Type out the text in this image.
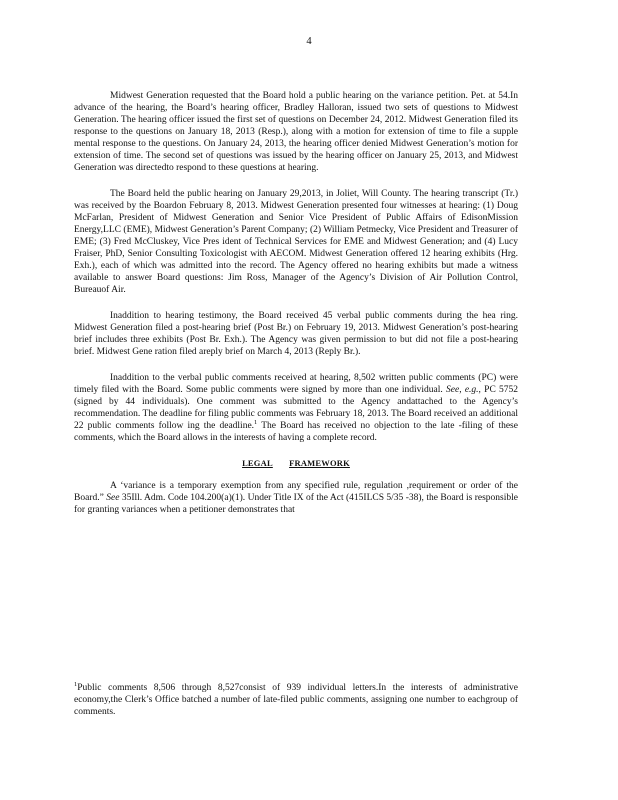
4

Midwest Generation requested that the Board hold a public hearing on the variance petition. Pet. at 54.In advance of the hearing, the Board’s hearing officer, Bradley Halloran, issued two sets of questions to Midwest Generation. The hearing officer issued the first set of questions on December 24, 2012. Midwest Generation filed its response to the questions on January 18, 2013 (Resp.), along with a motion for extension of time to file a supple mental response to the questions. On January 24, 2013, the hearing officer denied Midwest Generation’s motion for extension of time. The second set of questions was issued by the hearing officer on January 25, 2013, and Midwest Generation was directedto respond to these questions at hearing.

The Board held the public hearing on January 29,2013, in Joliet, Will County. The hearing transcript (Tr.) was received by the Boardon February 8, 2013. Midwest Generation presented four witnesses at hearing: (1) Doug McFarlan, President of Midwest Generation and Senior Vice President of Public Affairs of EdisonMission Energy,LLC (EME), Midwest Generation’s Parent Company; (2) William Petmecky, Vice President and Treasurer of EME; (3) Fred McCluskey, Vice Pres ident of Technical Services for EME and Midwest Generation; and (4) Lucy Fraiser, PhD, Senior Consulting Toxicologist with AECOM. Midwest Generation offered 12 hearing exhibits (Hrg. Exh.), each of which was admitted into the record. The Agency offered no hearing exhibits but made a witness available to answer Board questions: Jim Ross, Manager of the Agency’s Division of Air Pollution Control, Bureauof Air.

Inaddition to hearing testimony, the Board received 45 verbal public comments during the hea ring. Midwest Generation filed a post-hearing brief (Post Br.) on February 19, 2013. Midwest Generation’s post-hearing brief includes three exhibits (Post Br. Exh.). The Agency was given permission to but did not file a post-hearing brief. Midwest Gene ration filed areply brief on March 4, 2013 (Reply Br.).

Inaddition to the verbal public comments received at hearing, 8,502 written public comments (PC) were timely filed with the Board. Some public comments were signed by more than one individual. See, e.g., PC 5752 (signed by 44 individuals). One comment was submitted to the Agency andattached to the Agency’s recommendation. The deadline for filing public comments was February 18, 2013. The Board received an additional 22 public comments follow ing the deadline.$^1$ The Board has received no objection to the late -filing of these comments, which the Board allows in the interests of having a complete record.

LEGAL FRAMEWORK

A ‘variance is a temporary exemption from any specified rule, regulation ,requirement or order of the Board.” See 35Ill. Adm. Code 104.200(a)(1). Under Title IX of the Act (415ILCS 5/35 -38), the Board is responsible for granting variances when a petitioner demonstrates that

$^1$Public comments 8,506 through 8,527consist of 939 individual letters.In the interests of administrative economy,the Clerk’s Office batched a number of late-filed public comments, assigning one number to eachgroup of comments.
